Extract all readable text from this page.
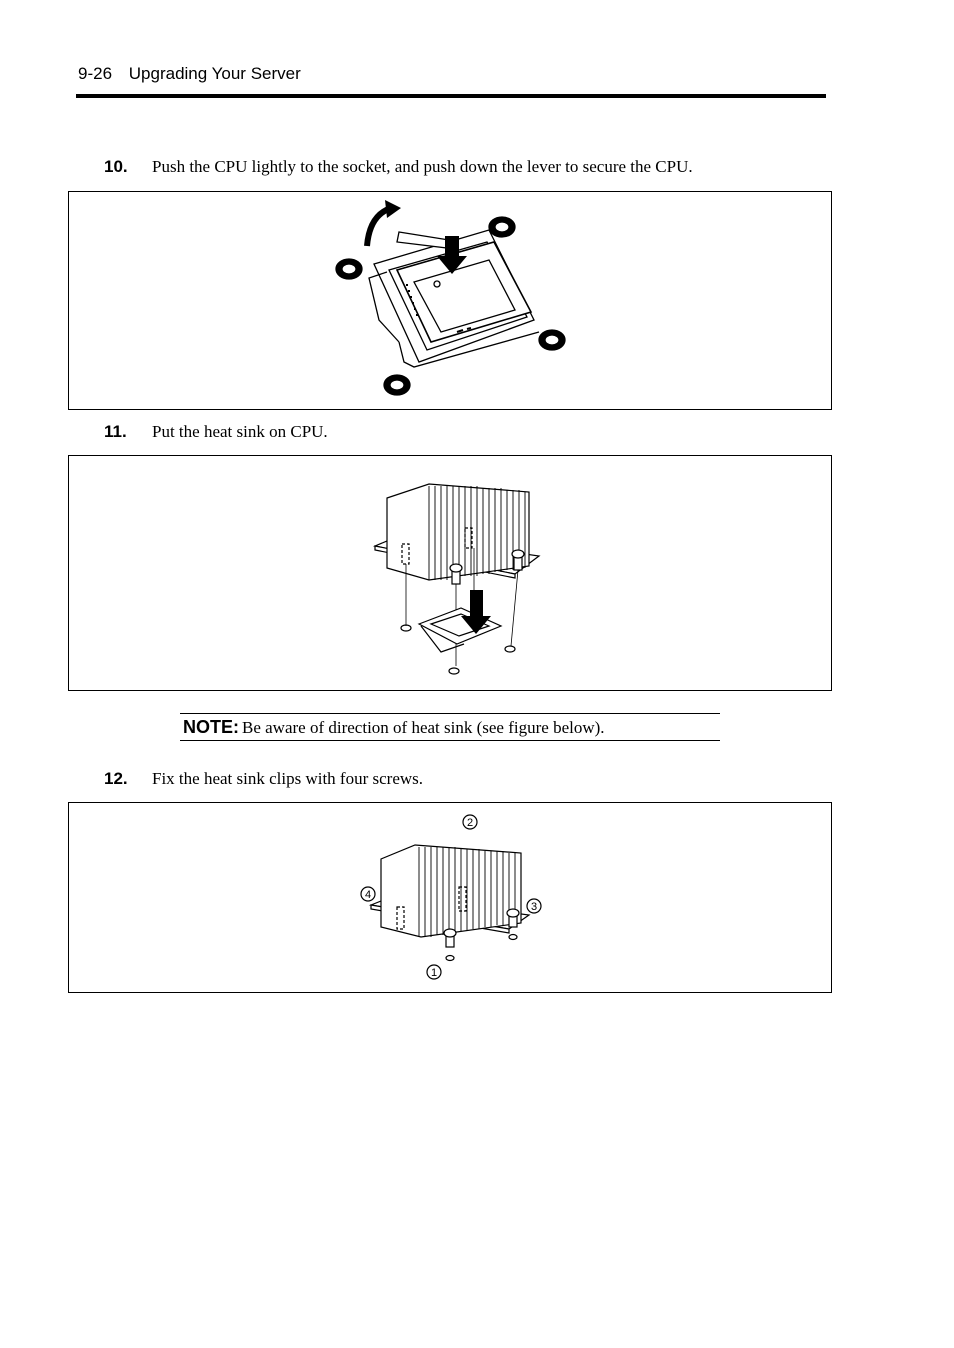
9-26 Upgrading Your Server
10. Push the CPU lightly to the socket, and push down the lever to secure the CPU.
11. Put the heat sink on CPU.
NOTE: Be aware of direction of heat sink (see figure below).
12. Fix the heat sink clips with four screws.
1
2
3
4
